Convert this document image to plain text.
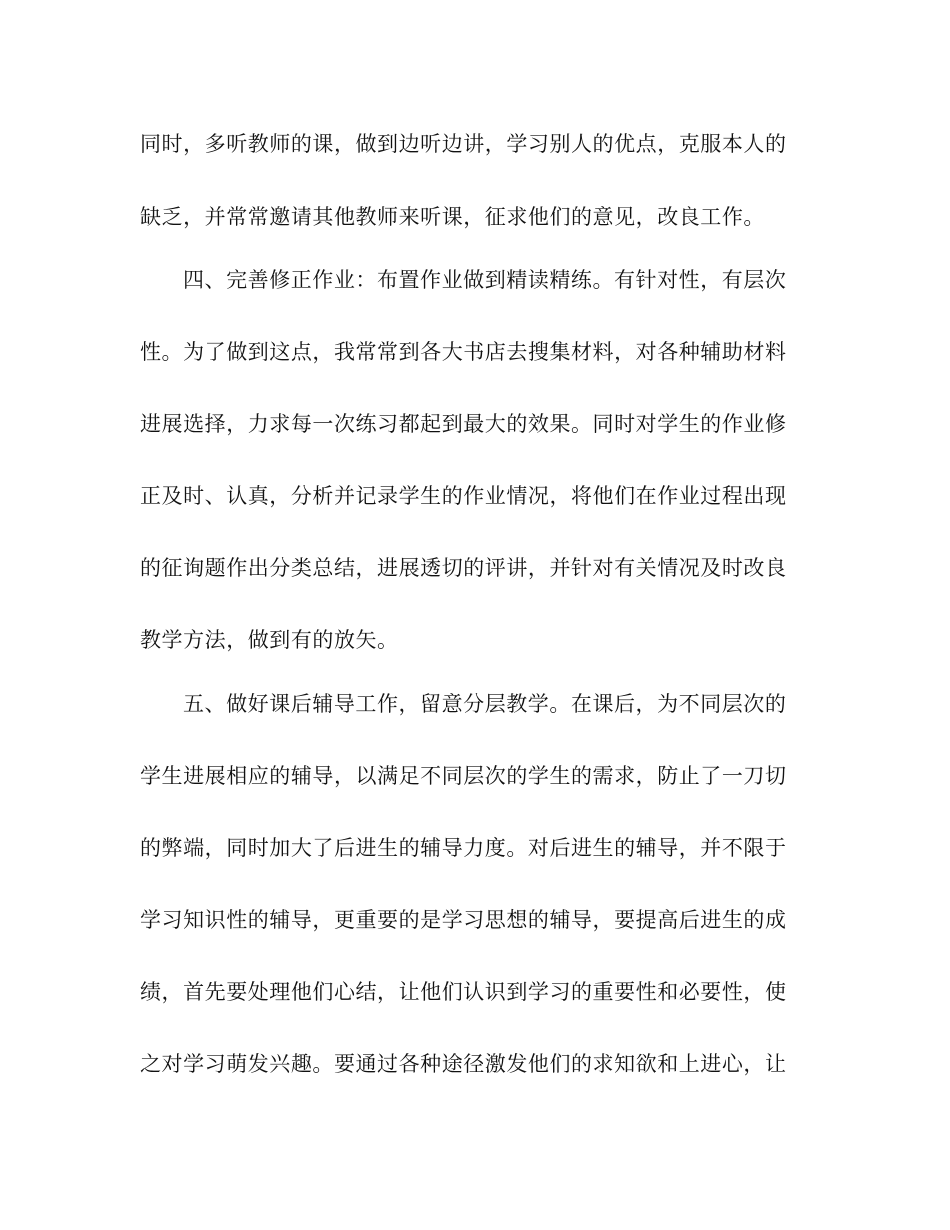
同时，多听教师的课，做到边听边讲，学习别人的优点，克服本人的
缺乏，并常常邀请其他教师来听课，征求他们的意见，改良工作。
四、完善修正作业：布置作业做到精读精练。有针对性，有层次
性。为了做到这点，我常常到各大书店去搜集材料，对各种辅助材料
进展选择，力求每一次练习都起到最大的效果。同时对学生的作业修
正及时、认真，分析并记录学生的作业情况，将他们在作业过程出现
的征询题作出分类总结，进展透切的评讲，并针对有关情况及时改良
教学方法，做到有的放矢。
五、做好课后辅导工作，留意分层教学。在课后，为不同层次的
学生进展相应的辅导，以满足不同层次的学生的需求，防止了一刀切
的弊端，同时加大了后进生的辅导力度。对后进生的辅导，并不限于
学习知识性的辅导，更重要的是学习思想的辅导，要提高后进生的成
绩，首先要处理他们心结，让他们认识到学习的重要性和必要性，使
之对学习萌发兴趣。要通过各种途径激发他们的求知欲和上进心，让
